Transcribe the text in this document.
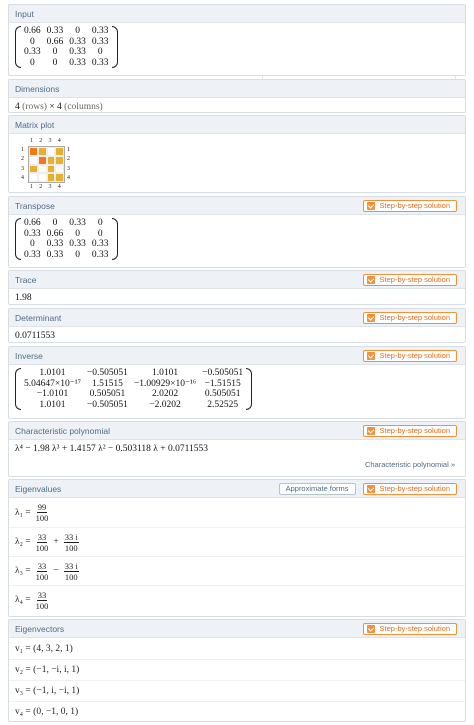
Input
0.66	0.33	0	0.33
0	0.66	0.33	0.33
0.33	0	0.33	0
0	0	0.33	0.33
Dimensions
4 (rows) × 4 (columns)
Matrix plot
1
1
1	1
2
2
2	2
3
3
3	3
4
4
4	4
Transpose	Step-by-step solution
0.66	0	0.33	0
0.33	0.66	0	0
0	0.33	0.33	0.33
0.33	0.33	0	0.33
Trace	Step-by-step solution
1.98
Determinant	Step-by-step solution
0.0711553
Inverse	Step-by-step solution
1.0101	−0.505051	1.0101	−0.505051
5.04647×10⁻¹⁷	1.51515	−1.00929×10⁻¹⁶	−1.51515
−1.0101	0.505051	2.0202	0.505051
1.0101	−0.505051	−2.0202	2.52525
Characteristic polynomial	Step-by-step solution
λ⁴ − 1.98 λ³ + 1.4157 λ² − 0.503118 λ + 0.0711553
Characteristic polynomial »
Eigenvalues	Approximate forms	Step-by-step solution
$\lambda_1 = \frac{99}{100}$
$\lambda_2 = \frac{33}{100} + \frac{33 i}{100}$
$\lambda_3 = \frac{33}{100} - \frac{33 i}{100}$
$\lambda_4 = \frac{33}{100}$
Eigenvectors	Step-by-step solution
v₁ = (4, 3, 2, 1)
v₂ = (−1, −i, i, 1)
v₃ = (−1, i, −i, 1)
v₄ = (0, −1, 0, 1)
